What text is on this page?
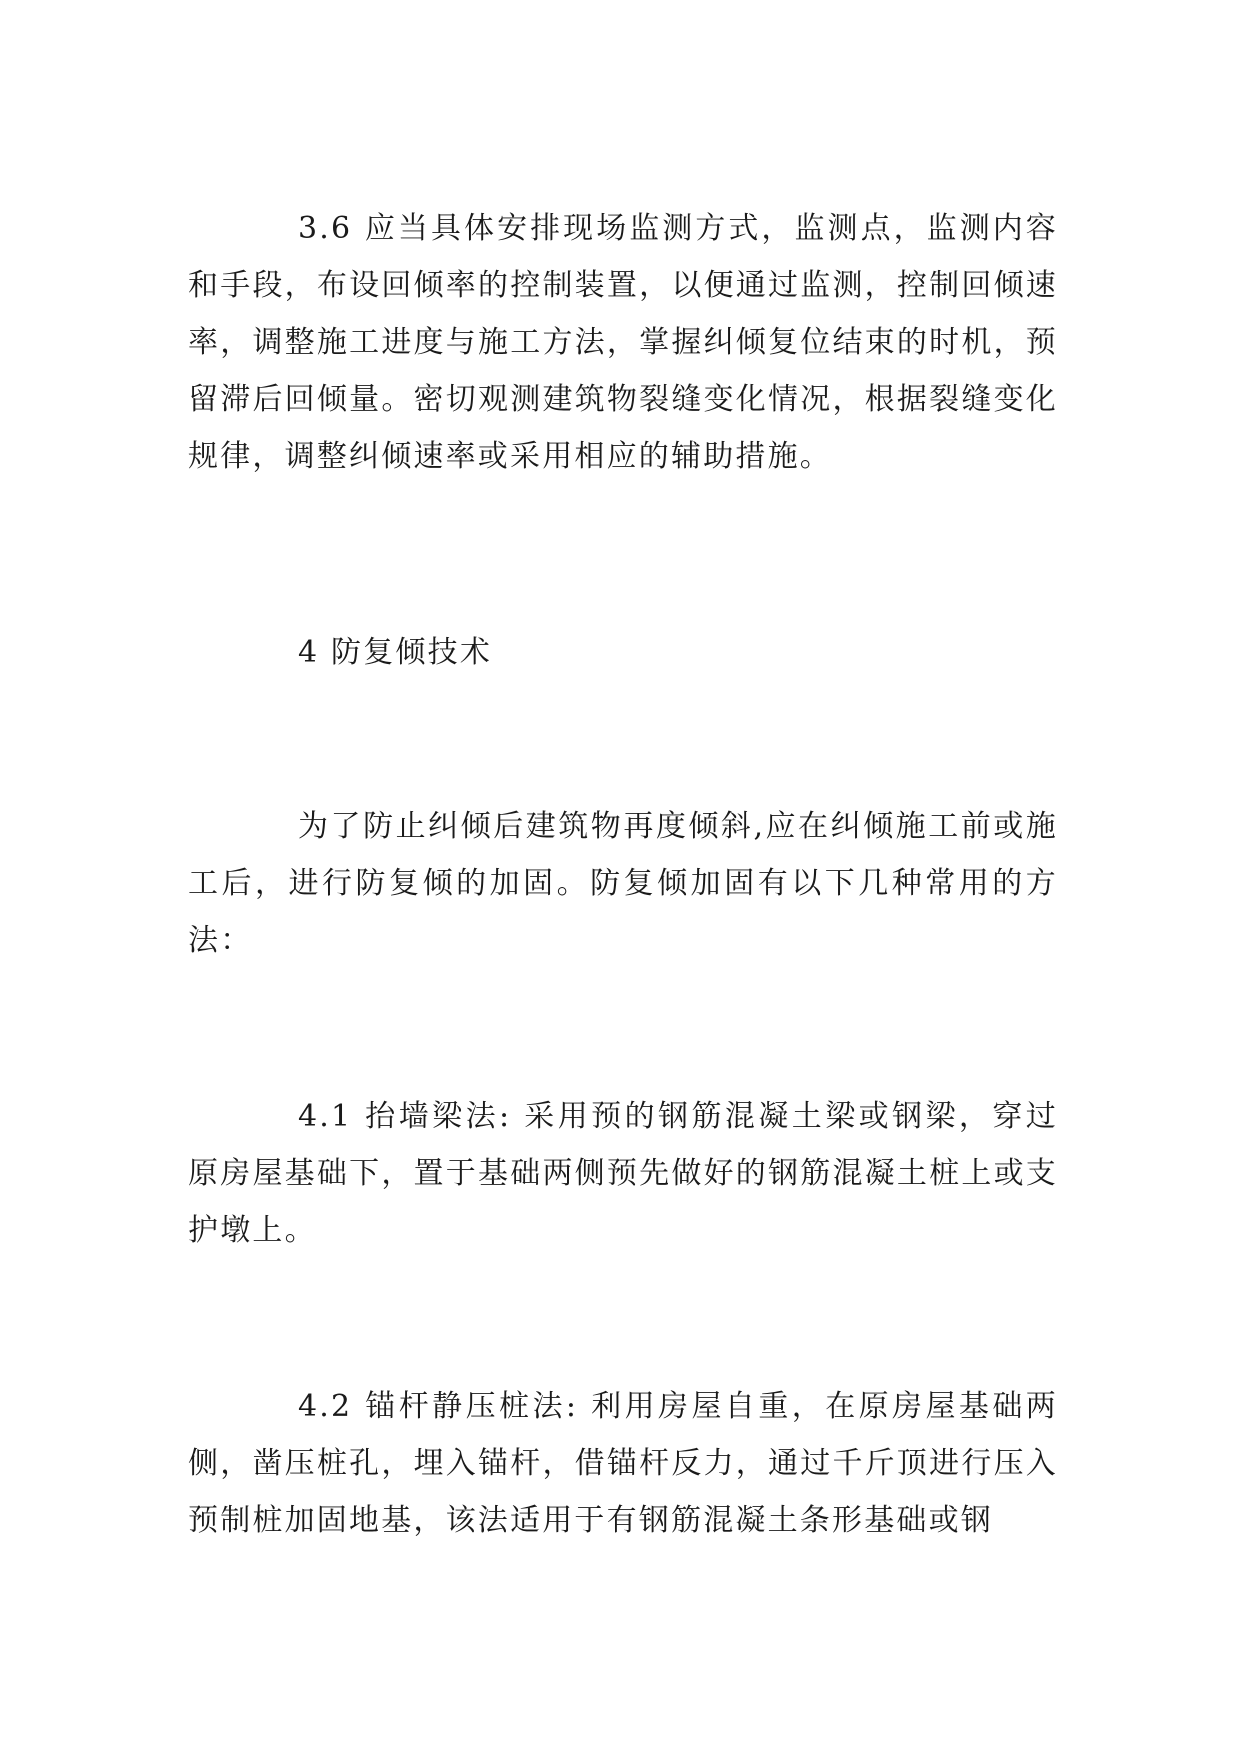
3.6 应当具体安排现场监测方式，监测点，监测内容和手段，布设回倾率的控制装置，以便通过监测，控制回倾速率，调整施工进度与施工方法，掌握纠倾复位结束的时机，预留滞后回倾量。密切观测建筑物裂缝变化情况，根据裂缝变化规律，调整纠倾速率或采用相应的辅助措施。

4 防复倾技术

为了防止纠倾后建筑物再度倾斜,应在纠倾施工前或施工后，进行防复倾的加固。防复倾加固有以下几种常用的方法：

4.1 抬墙梁法: 采用预的钢筋混凝土梁或钢梁，穿过原房屋基础下，置于基础两侧预先做好的钢筋混凝土桩上或支护墩上。

4.2 锚杆静压桩法: 利用房屋自重，在原房屋基础两侧，凿压桩孔，埋入锚杆，借锚杆反力，通过千斤顶进行压入预制桩加固地基，该法适用于有钢筋混凝土条形基础或钢
